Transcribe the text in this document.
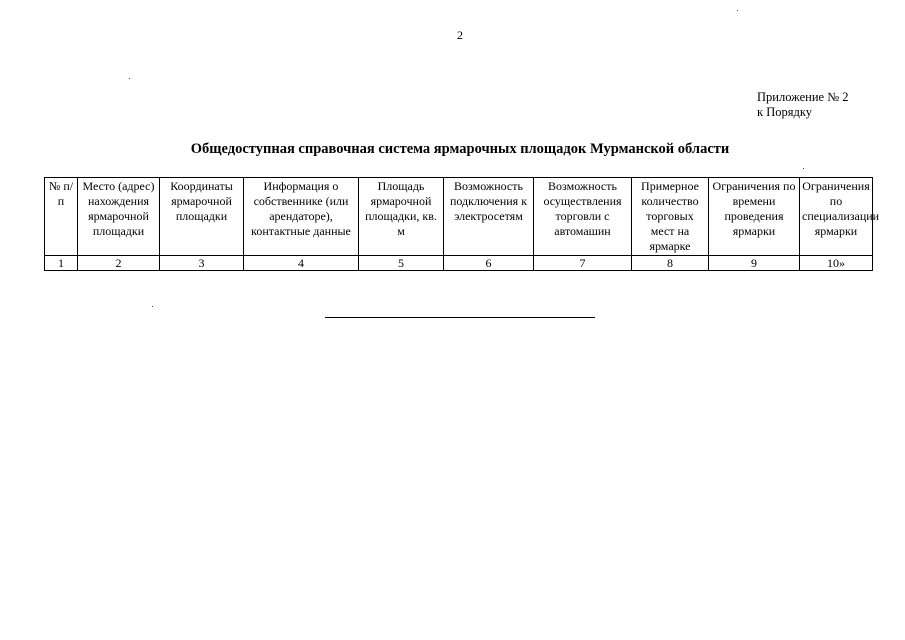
2
Приложение № 2
к Порядку
Общедоступная справочная система ярмарочных площадок Мурманской области
№ п/п	Место (адрес) нахождения ярмарочной площадки	Координаты ярмарочной площадки	Информация о собственнике (или арендаторе), контактные данные	Площадь ярмарочной площадки, кв. м	Возможность подключения к электросетям	Возможность осуществления торговли с автомашин	Примерное количество торговых мест на ярмарке	Ограничения по времени проведения ярмарки	Ограничения по специализации ярмарки
1	2	3	4	5	6	7	8	9	10»
